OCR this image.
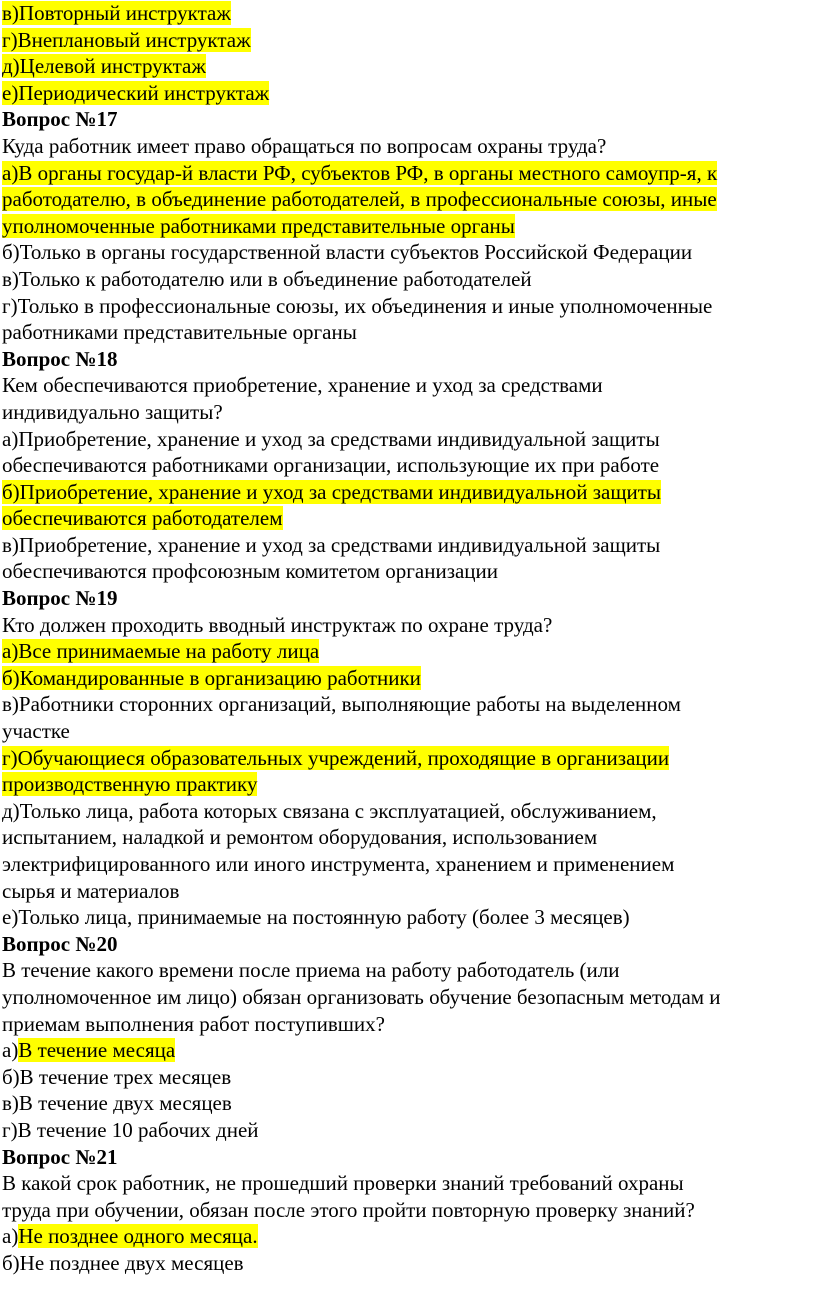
в)Повторный инструктаж
г)Внеплановый инструктаж
д)Целевой инструктаж
е)Периодический инструктаж
Вопрос №17
Куда работник имеет право обращаться по вопросам охраны труда?
а)В органы государ-й власти РФ, субъектов РФ, в органы местного самоупр-я, к
работодателю, в объединение работодателей, в профессиональные союзы, иные
уполномоченные работниками представительные органы
б)Только в органы государственной власти субъектов Российской Федерации
в)Только к работодателю или в объединение работодателей
г)Только в профессиональные союзы, их объединения и иные уполномоченные
работниками представительные органы
Вопрос №18
Кем обеспечиваются приобретение, хранение и уход за средствами
индивидуально защиты?
а)Приобретение, хранение и уход за средствами индивидуальной защиты
обеспечиваются работниками организации, использующие их при работе
б)Приобретение, хранение и уход за средствами индивидуальной защиты
обеспечиваются работодателем
в)Приобретение, хранение и уход за средствами индивидуальной защиты
обеспечиваются профсоюзным комитетом организации
Вопрос №19
Кто должен проходить вводный инструктаж по охране труда?
а)Все принимаемые на работу лица
б)Командированные в организацию работники
в)Работники сторонних организаций, выполняющие работы на выделенном
участке
г)Обучающиеся образовательных учреждений, проходящие в организации
производственную практику
д)Только лица, работа которых связана с эксплуатацией, обслуживанием,
испытанием, наладкой и ремонтом оборудования, использованием
электрифицированного или иного инструмента, хранением и применением
сырья и материалов
е)Только лица, принимаемые на постоянную работу (более 3 месяцев)
Вопрос №20
В течение какого времени после приема на работу работодатель (или
уполномоченное им лицо) обязан организовать обучение безопасным методам и
приемам выполнения работ поступивших?
а)В течение месяца
б)В течение трех месяцев
в)В течение двух месяцев
г)В течение 10 рабочих дней
Вопрос №21
В какой срок работник, не прошедший проверки знаний требований охраны
труда при обучении, обязан после этого пройти повторную проверку знаний?
а)Не позднее одного месяца.
б)Не позднее двух месяцев
